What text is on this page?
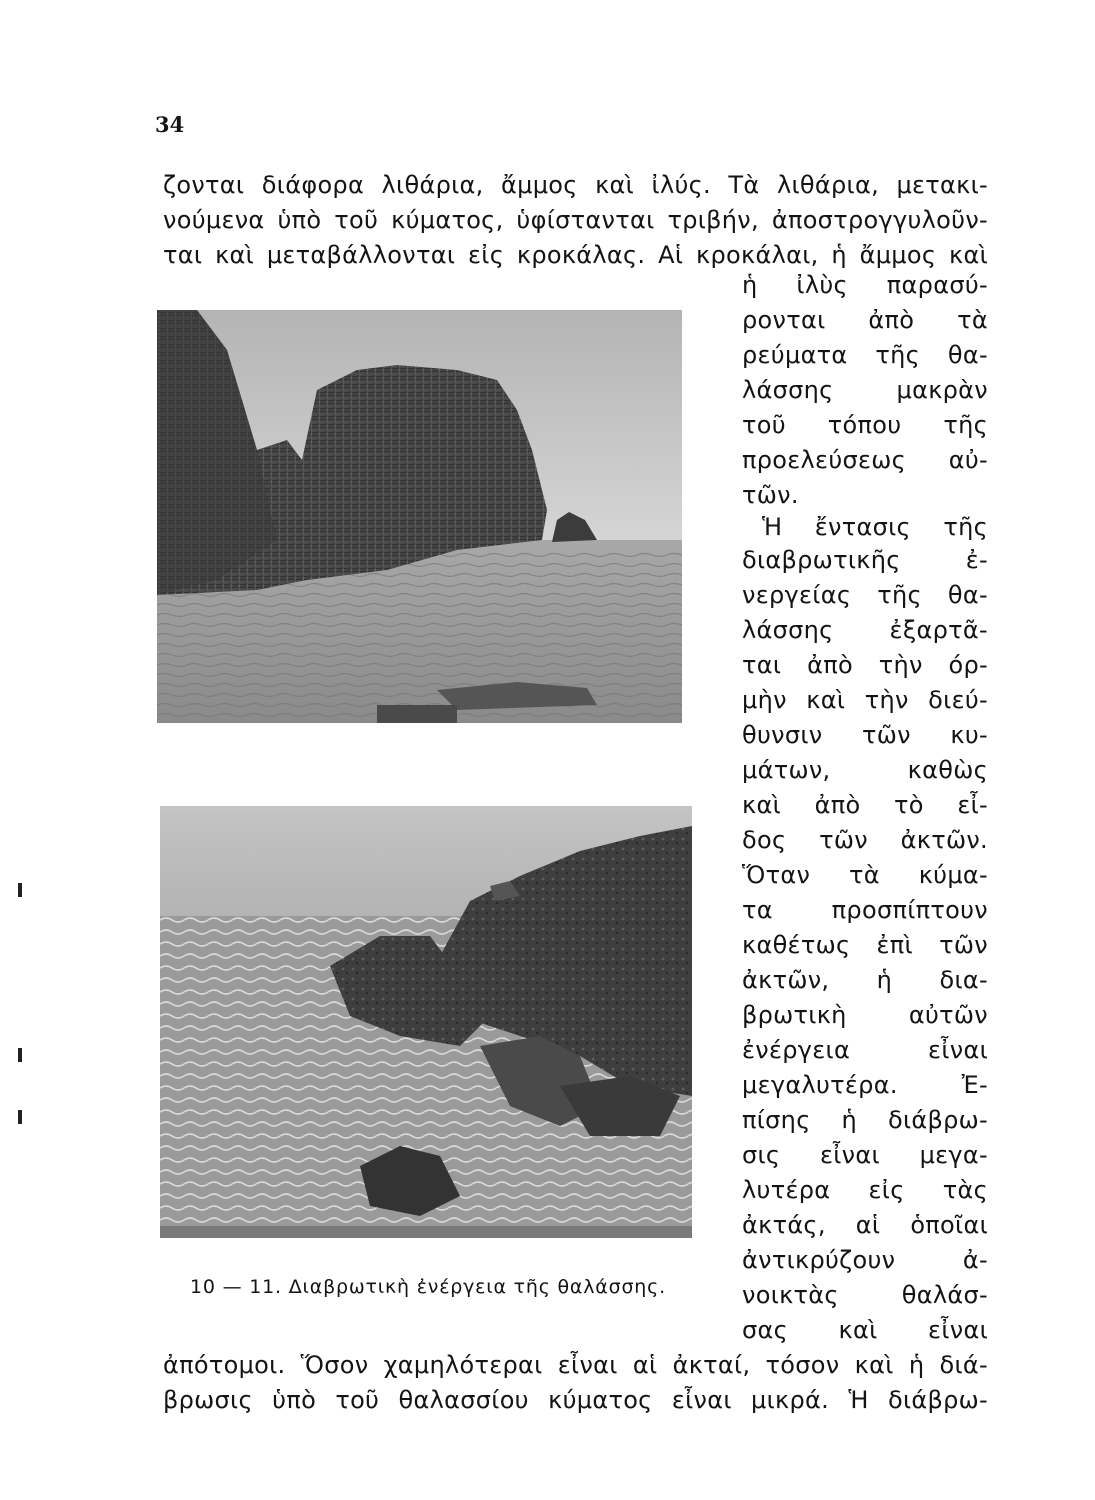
34
ζονται διάφορα λιθάρια, ἄμμος καὶ ἰλύς. Τὰ λιθάρια, μετακι-
νούμενα ὑπὸ τοῦ κύματος, ὑφίστανται τριβήν, ἀποστρογγυλοῦν-
ται καὶ μεταβάλλονται εἰς κροκάλας. Αἱ κροκάλαι, ἡ ἄμμος καὶ
ἡ ἰλὺς παρασύ-
ρονται ἀπὸ τὰ
ρεύματα τῆς θα-
λάσσης μακρὰν
τοῦ τόπου τῆς
προελεύσεως αὐ-
τῶν.
Ἡ ἔντασις τῆς
διαβρωτικῆς ἐ-
νεργείας τῆς θα-
λάσσης ἐξαρτᾶ-
ται ἀπὸ τὴν όρ-
μὴν καὶ τὴν διεύ-
θυνσιν τῶν κυ-
μάτων, καθὼς
καὶ ἀπὸ τὸ εἶ-
δος τῶν ἀκτῶν.
Ὅταν τὰ κύμα-
τα προσπίπτουν
καθέτως ἐπὶ τῶν
ἀκτῶν, ἡ δια-
βρωτικὴ αὐτῶν
ἐνέργεια εἶναι
μεγαλυτέρα. Ἐ-
πίσης ἡ διάβρω-
σις εἶναι μεγα-
λυτέρα εἰς τὰς
ἀκτάς, αἱ ὁποῖαι
ἀντικρύζουν ἀ-
νοικτὰς θαλάσ-
σας καὶ εἶναι
ἀπότομοι. Ὅσον χαμηλότεραι εἶναι αἱ ἀκταί, τόσον καὶ ἡ διά-
βρωσις ὑπὸ τοῦ θαλασσίου κύματος εἶναι μικρά. Ἡ διάβρω-
10 — 11. Διαβρωτικὴ ἐνέργεια τῆς θαλάσσης.
